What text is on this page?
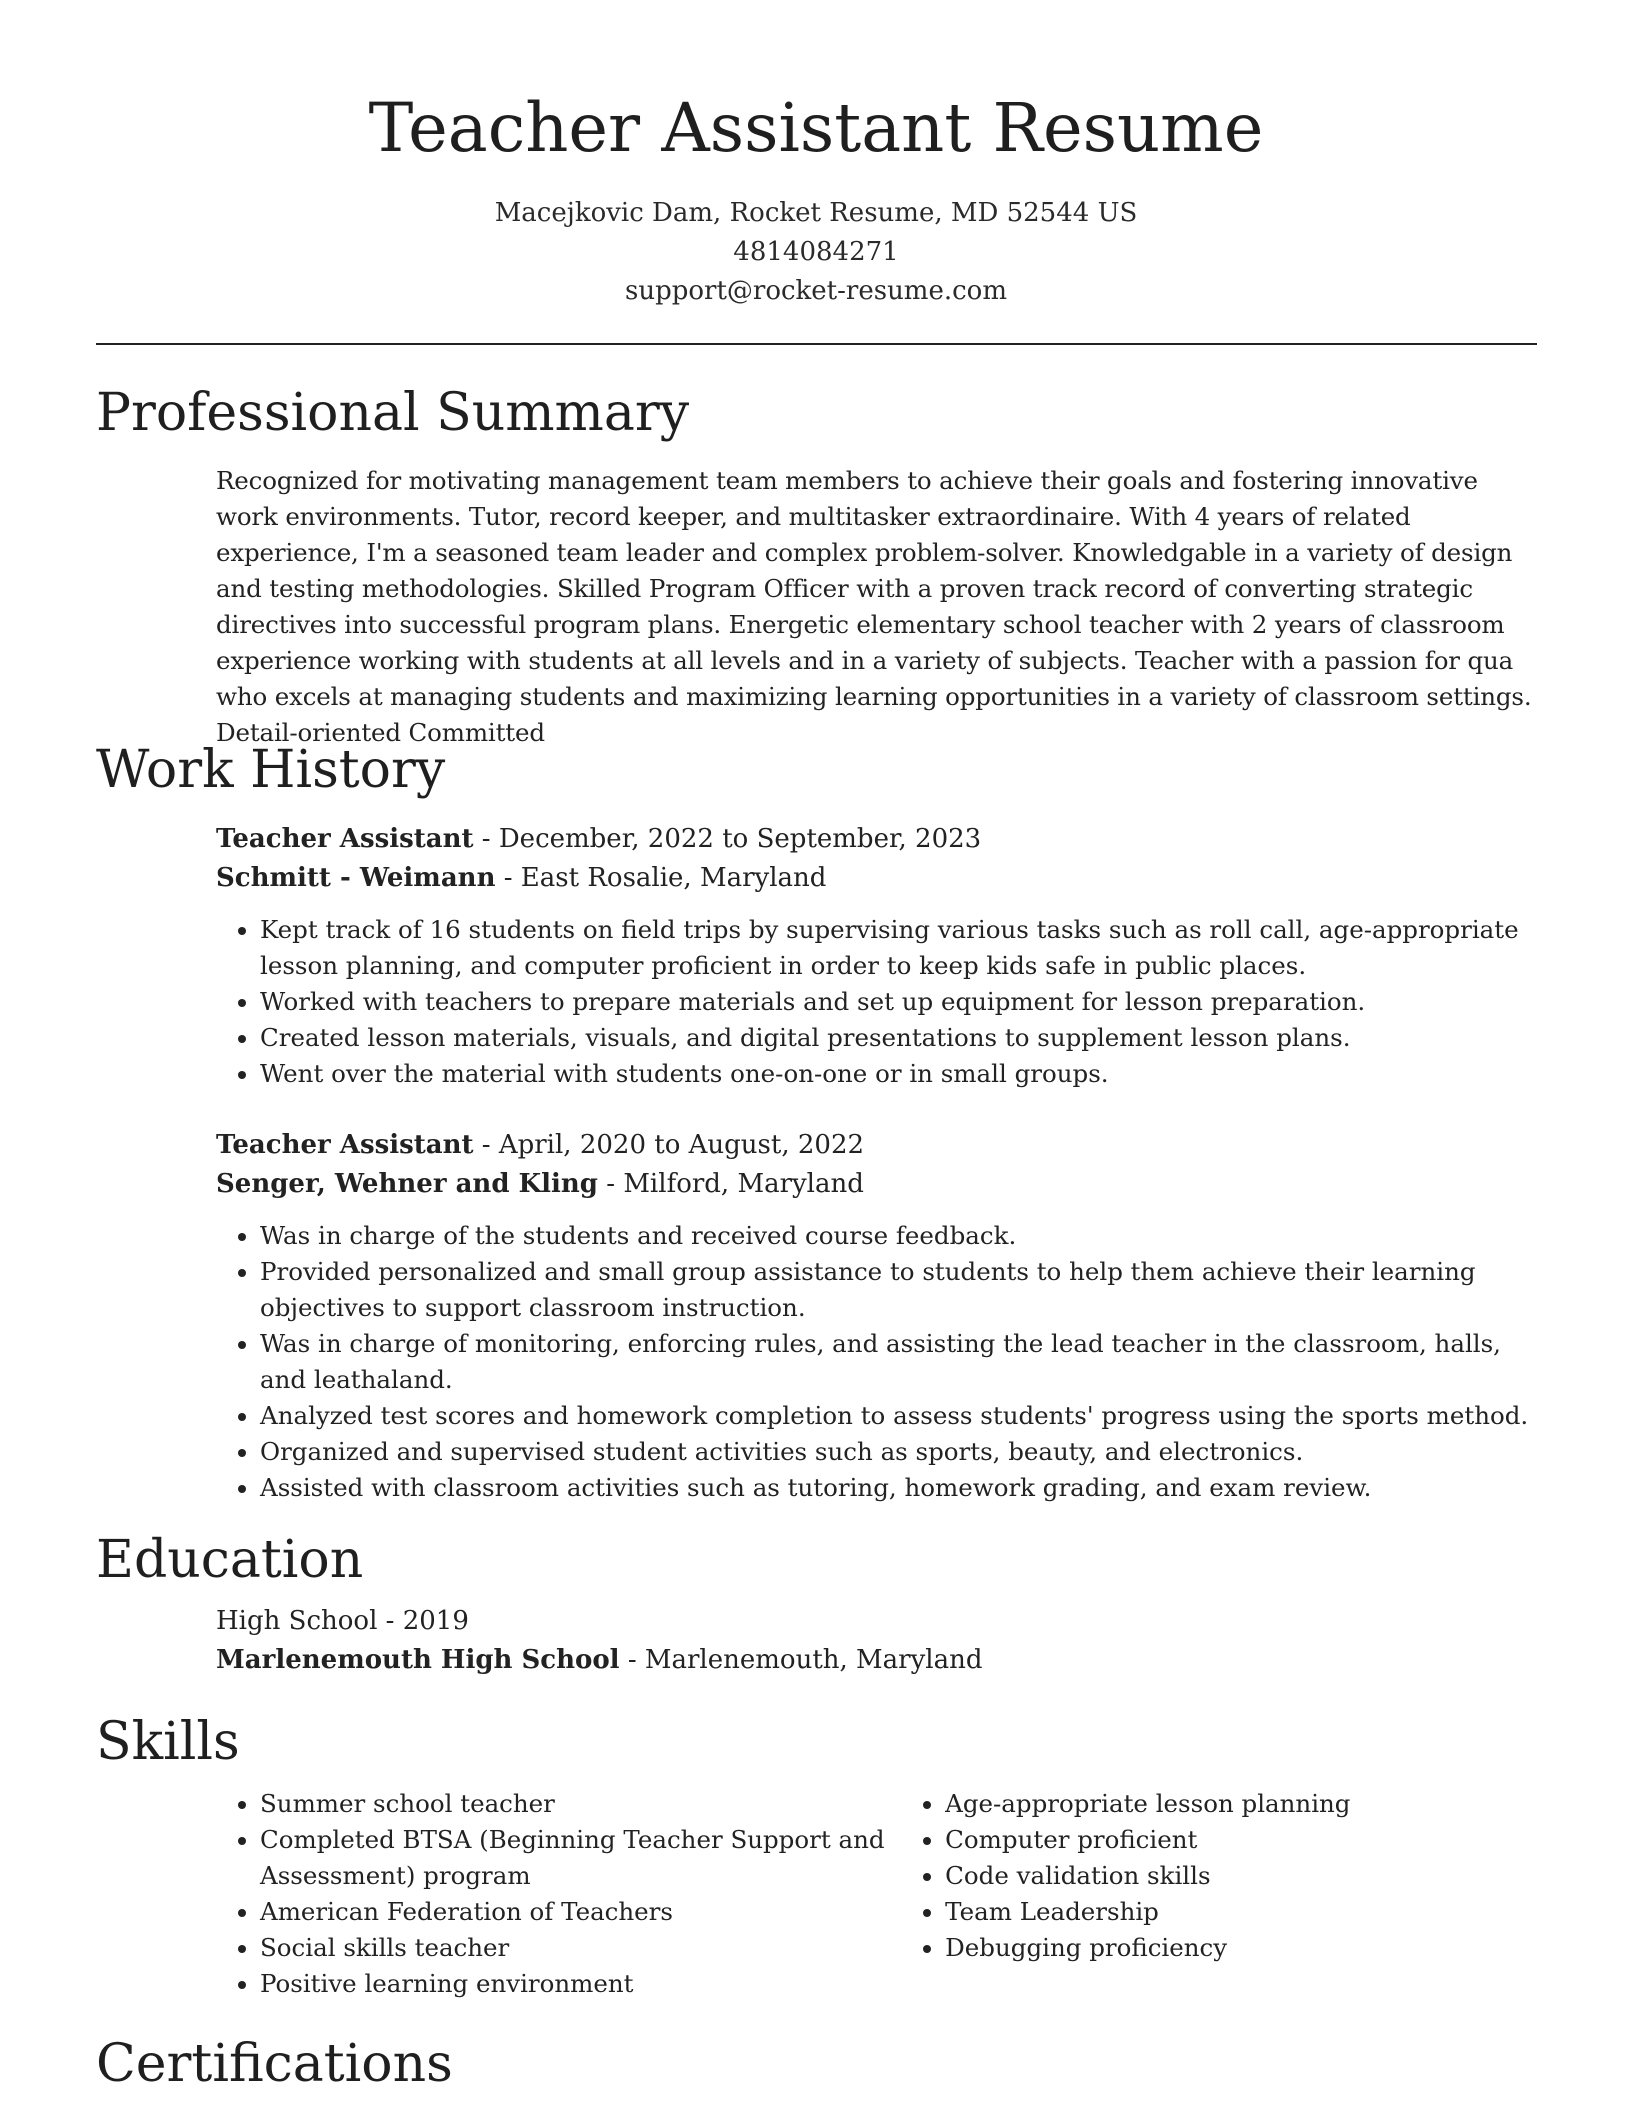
Teacher Assistant Resume
Macejkovic Dam, Rocket Resume, MD 52544 US
4814084271
support@rocket-resume.com
Professional Summary
Recognized for motivating management team members to achieve their goals and fostering innovative work environments. Tutor, record keeper, and multitasker extraordinaire. With 4 years of related experience, I'm a seasoned team leader and complex problem-solver. Knowledgable in a variety of design and testing methodologies. Skilled Program Officer with a proven track record of converting strategic directives into successful program plans. Energetic elementary school teacher with 2 years of classroom experience working with students at all levels and in a variety of subjects. Teacher with a passion for qua who excels at managing students and maximizing learning opportunities in a variety of classroom settings. Detail-oriented Committed
Work History
Teacher Assistant - December, 2022 to September, 2023
Schmitt - Weimann - East Rosalie, Maryland
• Kept track of 16 students on field trips by supervising various tasks such as roll call, age-appropriate lesson planning, and computer proficient in order to keep kids safe in public places.
• Worked with teachers to prepare materials and set up equipment for lesson preparation.
• Created lesson materials, visuals, and digital presentations to supplement lesson plans.
• Went over the material with students one-on-one or in small groups.
Teacher Assistant - April, 2020 to August, 2022
Senger, Wehner and Kling - Milford, Maryland
• Was in charge of the students and received course feedback.
• Provided personalized and small group assistance to students to help them achieve their learning objectives to support classroom instruction.
• Was in charge of monitoring, enforcing rules, and assisting the lead teacher in the classroom, halls, and leathaland.
• Analyzed test scores and homework completion to assess students' progress using the sports method.
• Organized and supervised student activities such as sports, beauty, and electronics.
• Assisted with classroom activities such as tutoring, homework grading, and exam review.
Education
High School - 2019
Marlenemouth High School - Marlenemouth, Maryland
Skills
• Summer school teacher
• Completed BTSA (Beginning Teacher Support and Assessment) program
• American Federation of Teachers
• Social skills teacher
• Positive learning environment
• Age-appropriate lesson planning
• Computer proficient
• Code validation skills
• Team Leadership
• Debugging proficiency
Certifications
